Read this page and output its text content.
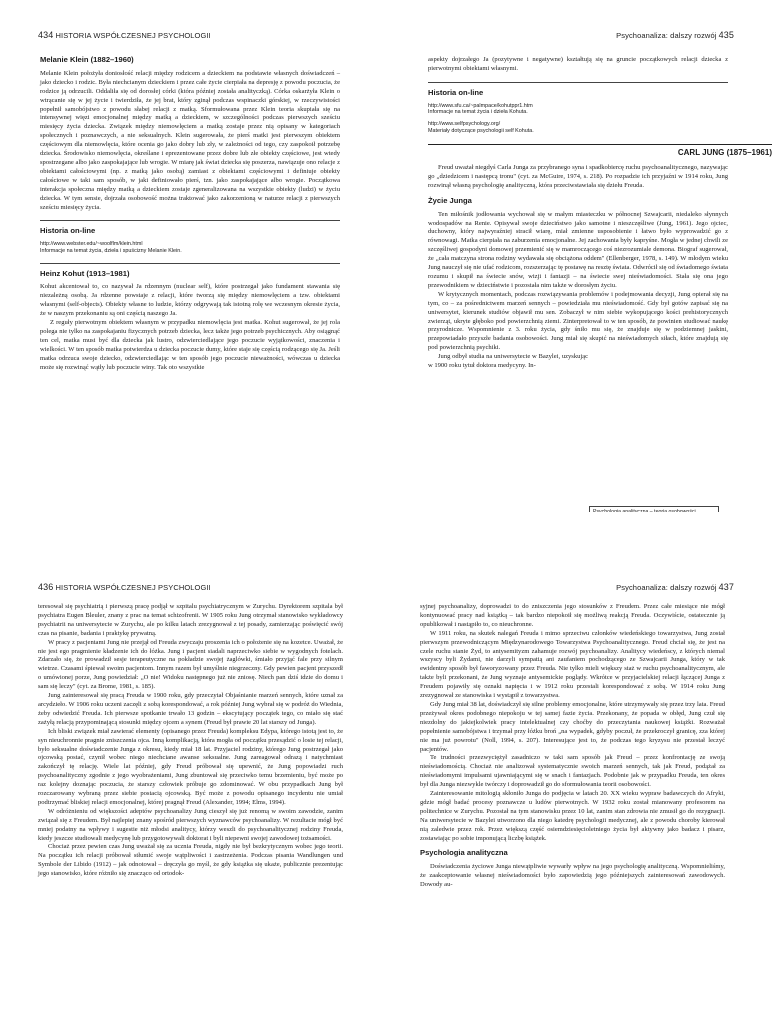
434 HISTORIA WSPÓŁCZESNEJ PSYCHOLOGII
Melanie Klein (1882–1960)

Melanie Klein położyła doniosłość relacji między rodzicem a dzieckiem na podstawie własnych doświadczeń – jako dziecko i rodzic. Była niechcianym dzieckiem i przez całe życie cierpiała na depresję z powodu poczucia, że rodzice ją odrzucili. Oddaliła się od dorosłej córki (która później została analityczką). Córka oskarżyła Klein o wtrącanie się w jej życie i twierdziła, że jej brat, który zginął podczas wspinaczki górskiej, w rzeczywistości popełnił samobójstwo z powodu słabej relacji z matką. Sformułowana przez Klein teoria skupiała się na intensywnej więzi emocjonalnej między matką a dzieckiem, w szczególności podczas pierwszych sześciu miesięcy życia dziecka. Związek między niemowlęciem a matką zostaje przez nią opisany w kategoriach społecznych i poznawczych, a nie seksualnych. Klein sugerowała, że pierś matki jest pierwszym obiektem częściowym dla niemowlęcia, które ocenia go jako dobry lub zły, w zależności od tego, czy zaspokoił potrzebę dziecka. Środowisko niemowlęcia, określane i eprezentowane przez dobre lub złe obiekty częściowe, jest wtedy spostrzegane albo jako zaspokajające lub wrogie. W miarę jak świat dziecka się poszerza, nawiązuje ono relacje z obiektami całościowymi (np. z matką jako osobą) zamiast z obiektami częściowymi i definiuje obiekty całościowe w taki sam sposób, w jaki definiowało pierś, tzn. jako zaspokajające albo wrogie. Początkowa interakcja społeczna między matką a dzieckiem zostaje zgeneralizowana na wszystkie obiekty (ludzi) w życiu dziecka. W tym sensie, dojrzała osobowość można traktować jako zakorzenioną w naturze relacji z pierwszych sześciu miesięcy życia.

Historia on-line
http://www.webster.edu/~woolflm/klein.html
Informacje na temat życia, dzieła i spuścizny Melanie Klein.
Heinz Kohut (1913–1981)

Kohut akcentował to, co nazywał Ja rdzennym (nuclear self), które postrzegał jako fundament stawania się niezależną osobą. Ja rdzenne powstaje z relacji, które tworzą się między niemowlęciem a tzw. obiektami własnymi (self-objects). Obiekty własne to ludzie, którzy odgrywają tak istotną rolę we wczesnym okresie życia, że w naszym przekonaniu są oni częścią naszego Ja.

Z reguły pierwotnym obiektem własnym w przypadku niemowlęcia jest matka. Kohut sugerował, że jej rola polega nie tylko na zaspokajaniu fizycznych potrzeb dziecka, lecz także jego potrzeb psychicznych. Aby osiągnąć ten cel, matka musi być dla dziecka jak lustro, odzwierciedlające jego poczucie wyjątkowości, znaczenia i wielkości. W ten sposób matka potwierdza u dziecka poczucie dumy, które staje się częścią rodzącego się Ja. Jeśli matka odrzuca swoje dziecko, odzwierciedlając w ten sposób jego poczucie nieważności, wówczas u dziecka może się rozwinąć wątły lub poczucie winy. Tak oto wszystkie

Psychoanaliza: dalszy rozwój 435

aspekty dojrzałego Ja (pozytywne i negatywne) kształtują się na gruncie początkowych relacji dziecka z pierwotnymi obiektami własnymi.

Historia on-line
http://www.sfu.ca/~palmpace/kohutppr1.htm
Informacje na temat życia i dzieła Kohuta.
http://www.selfpsychology.org/
Materiały dotyczące psychologii self Kohuta.
CARL JUNG (1875–1961)

Freud uważał niegdyś Carla Junga za przybranego syna i spadkobiercę ruchu psychoanalitycznego, nazywając go „dziedzicem i następcą tronu" (cyt. za McGuire, 1974, s. 218). Po rozpadzie ich przyjaźni w 1914 roku, Jung rozwinął własną psychologię analityczną, która przeciwstawiała się dziełu Freuda.

Życie Junga

Ten miłośnik jodłowania wychował się w małym miasteczku w północnej Szwajcarii, niedaleko słynnych wodospadów na Renie. Opisywał swoje dzieciństwo jako samotne i nieszczęśliwe (Jung, 1961). Jego ojciec, duchowny, który najwyraźniej stracił wiarę, miał zmienne usposobienie i łatwo było wyprowadzić go z równowagi. Matka cierpiała na zaburzenia emocjonalne. Jej zachowania były kapryśne. Mogła w jednej chwili ze szczęśliwej gospodyni domowej przemienić się w mamroczącego coś niezrozumiale demona. Biograf sugerował, że „cała matczyna strona rodziny wydawała się obciążona oddem" (Ellenberger, 1978, s. 149). W młodym wieku Jung nauczył się nie ufać rodzicom, rozszerzając tę postawę na resztę świata. Odwrócił się od świadomego świata rozumu i skupił na świecie snów, wizji i fantazji – na świecie swej nieświadomości. Stała się ona jego przewodnikiem w dzieciństwie i pozostała nim także w dorosłym życiu.

W krytycznych momentach, podczas rozwiązywania problemów i podejmowania decyzji, Jung opierał się na tym, co – za pośrednictwem marzeń sennych – powiedziała mu nieświadomość. Gdy był gotów zapisać się na uniwersytet, kierunek studiów objawił mu sen. Zobaczył w nim siebie wykopującego kości prehistorycznych zwierząt, ukryte głęboko pod powierzchnią ziemi. Zinterpretował to w ten sposób, że powinien studiować naukę przyrodnicze. Wspomnienie z 3. roku życia, gdy śniło mu się, że znajduje się w podziemnej jaskini, przepowiadało przyszłe badania osobowości. Jung miał się skupić na nieświadomych siłach, które znajdują się pod powierzchnią psychiki.

Jung odbył studia na uniwersytecie w Bazylei, uzyskując w 1900 roku tytuł doktora medycyny. In-

436 HISTORIA WSPÓŁCZESNEJ PSYCHOLOGII

teresował się psychiatrią i pierwszą pracę podjął w szpitalu psychiatrycznym w Zurychu. Dyrektorem szpitala był psychiatra Eugen Bleuler, znany z prac na temat schizofrenii. W 1905 roku Jung otrzymał stanowisko wykładowcy psychiatrii na uniwersytecie w Zurychu, ale po kilku latach zrezygnował z tej posady, zamierzając poświęcić swój czas na pisanie, badania i praktykę prywatną.

W pracy z pacjentami Jung nie przejął od Freuda zwyczaju proszenia ich o położenie się na kozetce. Uważał, że nie jest ego pragmienie kładzenie ich do łóżka. Jung i pacjent siadali naprzeciwko siebie w wygodnych fotelach. Zdarzało się, że prowadził sesje terapeutyczne na pokładzie swojej żaglówki, śmiało przyjąć fale przy silnym wietrze. Czasami śpiewał swoim pacjentom. Innym razem był umyślnie niegrzeczny. Gdy pewien pacjent przyszedł o umówionej porze, Jung powiedział: „O nie! Widoku następnego już nie zniosę. Niech pan dziś idzie do domu i sam się leczy" (cyt. za Brome, 1981, s. 185).

Jung zainteresował się pracą Freuda w 1900 roku, gdy przeczytał Objaśnianie marzeń sennych, które uznał za arcydzieło. W 1906 roku uczeni zaczęli z sobą korespondować, a rok później Jung wybrał się w podróż do Wiednia, żeby odwiedzić Freuda. Ich pierwsze spotkanie trwało 13 godzin – ekscytujący początek tego, co miało się stać zażyłą relacją przypominającą stosunki między ojcem a synem (Freud był prawie 20 lat starszy od Junga).

Ich bliski związek miał zawierać elementy (opisanego przez Freuda) kompleksu Edypa, którego istotą jest to, że syn nieuchronnie pragnie zniszczenia ojca. Inną komplikacją, która mogła od początku przesądzić o losie tej relacji, było seksualne doświadczenie Junga z okresu, kiedy miał 18 lat. Przyjaciel rodziny, którego Jung postrzegał jako ojcowską postać, czynił wobec niego niechciane awanse seksualne. Jung zareagował odrazą i natychmiast zakończył tę relację. Wiele lat później, gdy Freud próbował się upewnić, że Jung popowiadzi ruch psychoanalityczny zgodnie z jego wyobrażeniami, Jung zbuntował się przeciwko temu brzemieniu, być może po raz kolejny doznając poczucia, że starszy człowiek próbuje go zdominować. W obu przypadkach Jung był rozczarowany wybraną przez siebie postacią ojcowską. Być może z powodu opisanego incydentu nie umiał podtrzymać bliskiej relacji emocjonalnej, której pragnął Freud (Alexander, 1994; Elms, 1994).

W odróżnieniu od większości adeptów psychoanalizy Jung cieszył się już renomą w swoim zawodzie, zanim związał się z Freudem. Był najlepiej znany spośród pierwszych wyznawców psychoanalizy. W rezultacie mógł być mniej podatny na wpływy i sugestie niż młodsi analitycy, którzy weszli do psychoanalitycznej rodziny Freuda, kiedy jeszcze studiowali medycynę lub przygotowywali doktorat i byli niepewni swojej zawodowej tożsamości.

Chociaż przez pewien czas Jung uważał się za ucznia Freuda, nigdy nie był bezkrytycznym wobec jego teorii. Na początku ich relacji próbował stłumić swoje wątpliwości i zastrzeżenia. Podczas pisania Wandlungen und Symbole der Libido (1912) – jak odnotował – dręczyła go myśl, że gdy książka się ukaże, publicznie prezentując jego stanowisko, które różniło się znacząco od ortodok-

Psychoanaliza: dalszy rozwój 437

syjnej psychoanalizy, doprowadzi to do zniszczenia jego stosunków z Freudem. Przez całe miesiące nie mógł kontynuować pracy nad książką – tak bardzo niepokoił się możliwą reakcją Freuda. Oczywiście, ostatecznie ją opublikował i nastąpiło to, co nieuchronne.

W 1911 roku, na skutek nalegań Freuda i mimo sprzeciwu członków wiedeńskiego towarzystwa, Jung został pierwszym przewodniczącym Międzynarodowego Towarzystwa Psychoanalitycznego. Freud chciał się, że jest na czele ruchu stanie Żyd, to antysemityzm zahamuje rozwój psychoanalizy. Analitycy wiedeńscy, z których niemal wszyscy byli Żydami, nie darzyli sympatią ani zaufaniem pochodzącego ze Szwajcarii Junga, który w tak ewidentny sposób był faworyzowany przez Freuda. Nie tylko mieli większy staż w ruchu psychoanalitycznym, ale także byli przekonani, że Jung wyznaje antysemickie poglądy. Wkrótce w przyjacielskiej relacji łączącej Junga z Freudem pojawiły się oznaki napięcia i w 1912 roku przestali korespondować z sobą. W 1914 roku Jung zrezygnował ze stanowiska i wystąpił z towarzystwa.

Gdy Jung miał 38 lat, doświadczył się silne problemy emocjonalne, które utrzymywały się przez trzy lata. Freud przeżywał okres podobnego niepokoju w tej samej fazie życia. Przekonany, że popada w obłęd, Jung czuł się niezdolny do jakiejkolwiek pracy intelektualnej czy choćby do przeczytania naukowej książki. Rozważał popełnienie samobójstwa i trzymał przy łóżku broń „na wypadek, gdyby poczuł, że przekroczył granicę, zza której nie ma już powrotu" (Noll, 1994, s. 207). Interesujące jest to, że podczas tego kryzysu nie przestał leczyć pacjentów.

Te trudności przezwyciężył zasadniczo w taki sam sposób jak Freud – przez konfrontację ze swoją nieświadomością. Chociaż nie analizował systematycznie swoich marzeń sennych, tak jak Freud, podążał za nieświadomymi impulsami ujawniającymi się w snach i fantazjach. Podobnie jak w przypadku Freuda, ten okres był dla Junga niezwykle twórczy i doprowadził go do sformułowania teorii osobowości.

Zainteresowanie mitologią skłoniło Junga do podjęcia w latach 20. XX wieku wypraw badawczych do Afryki, gdzie mógł badać procesy poznawcze u ludów pierwotnych. W 1932 roku został mianowany profesorem na politechnice w Zurychu. Pozostał na tym stanowisku przez 10 lat, zanim stan zdrowia nie zmusił go do rezygnacji. Na uniwersytecie w Bazylei utworzono dla niego katedrę psychologii medycznej, ale z powodu choroby kierował nią zaledwie przez rok. Przez większą część osiemdziesięcioletniego życia był aktywny jako badacz i pisarz, zostawiając po sobie imponującą liczbę książek.

Psychologia analityczna

Doświadczenia życiowe Junga niewątpliwie wywarły wpływ na jego psychologię analityczną. Wspomnieliśmy, że zaakceptowanie własnej nieświadomości było zapowiedzią jego późniejszych zainteresowań zawodowych. Dowody au-
